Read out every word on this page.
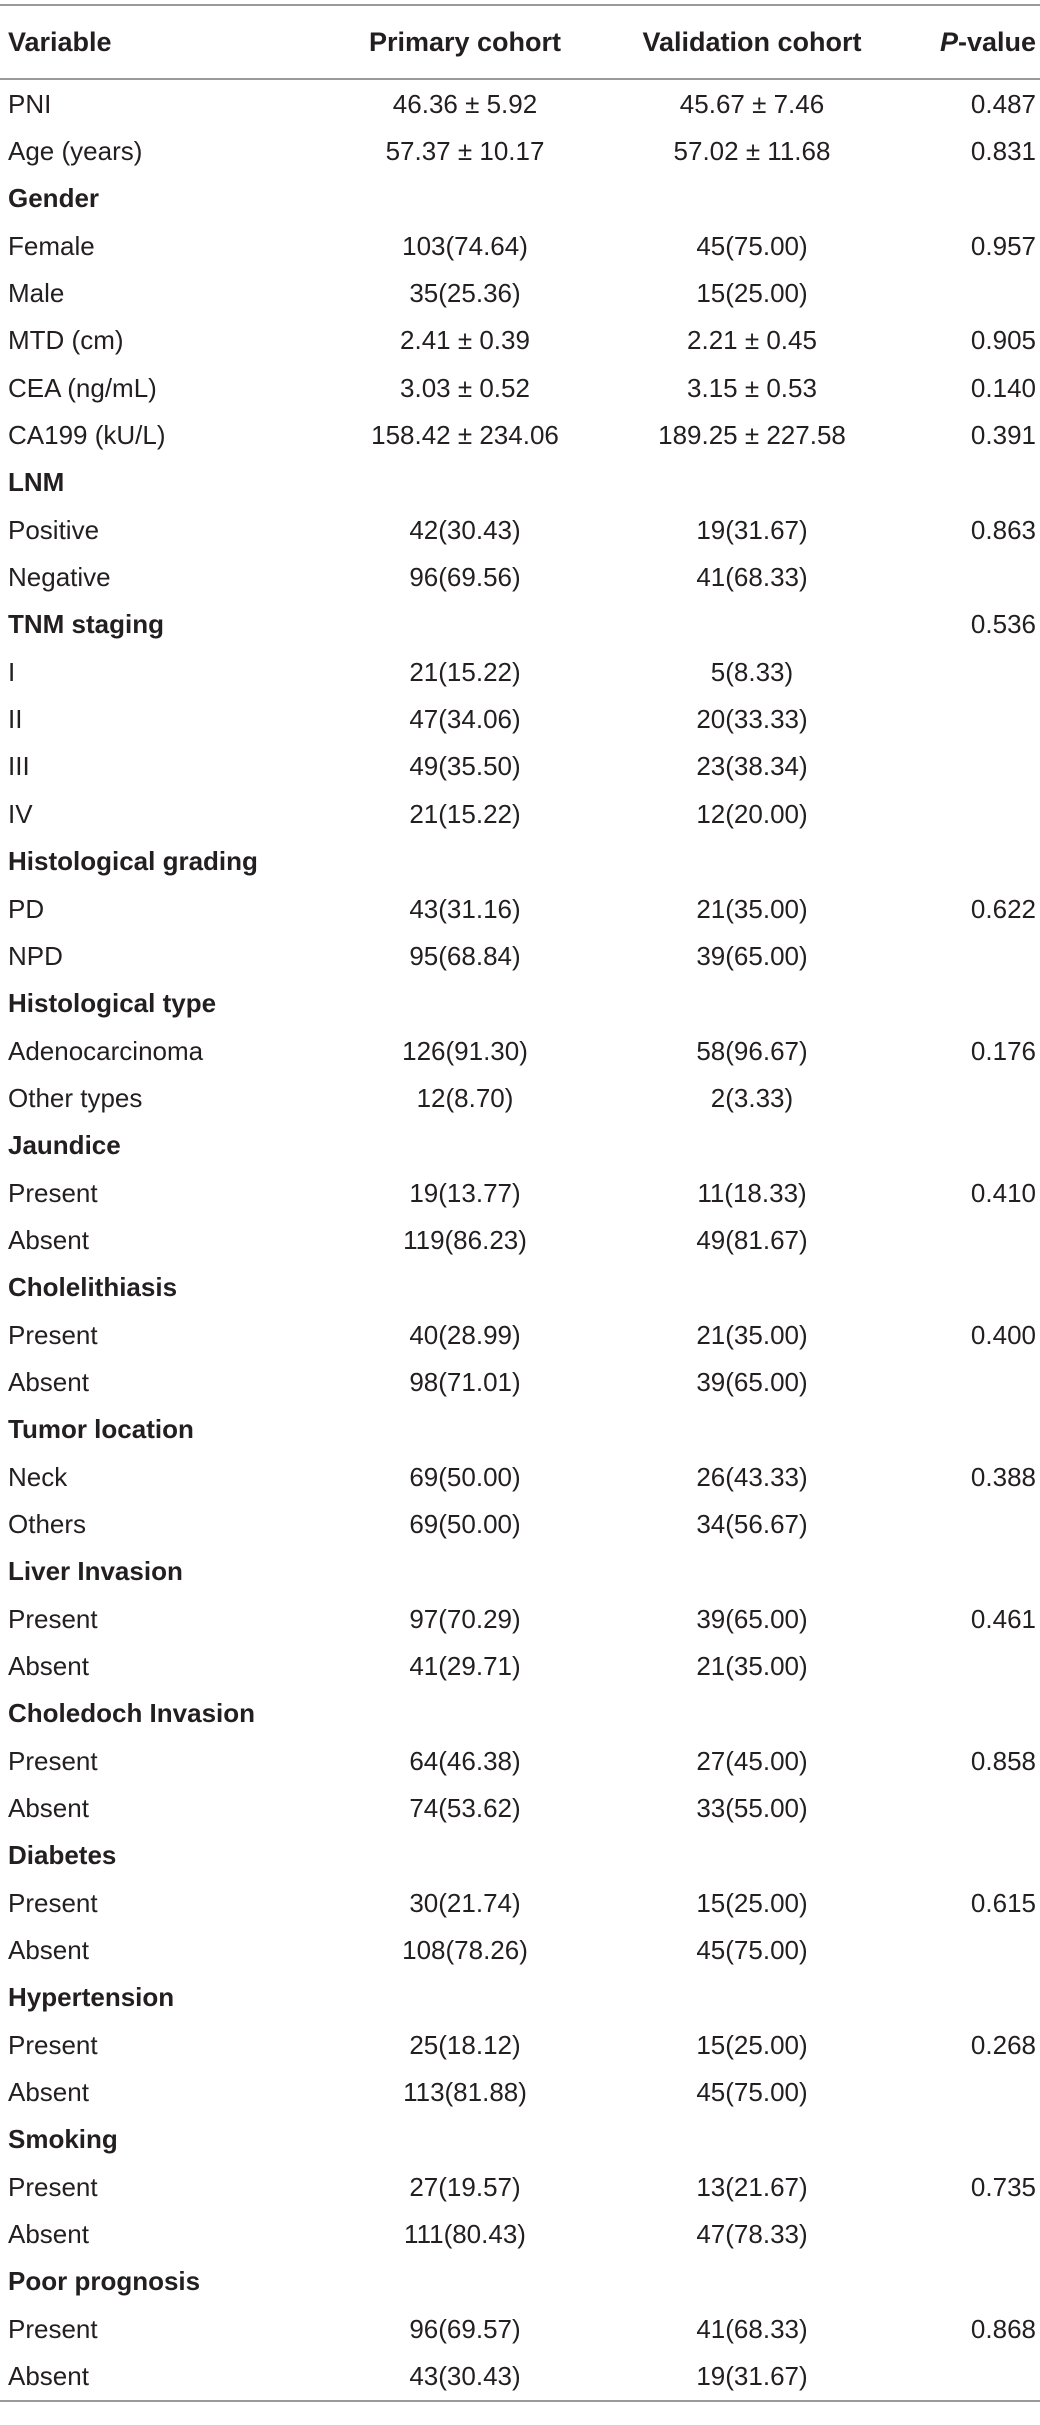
Variable	Primary cohort	Validation cohort	P-value
PNI	46.36 ± 5.92	45.67 ± 7.46	0.487
Age (years)	57.37 ± 10.17	57.02 ± 11.68	0.831
Gender			
Female	103(74.64)	45(75.00)	0.957
Male	35(25.36)	15(25.00)	
MTD (cm)	2.41 ± 0.39	2.21 ± 0.45	0.905
CEA (ng/mL)	3.03 ± 0.52	3.15 ± 0.53	0.140
CA199 (kU/L)	158.42 ± 234.06	189.25 ± 227.58	0.391
LNM			
Positive	42(30.43)	19(31.67)	0.863
Negative	96(69.56)	41(68.33)	
TNM staging			0.536
I	21(15.22)	5(8.33)	
II	47(34.06)	20(33.33)	
III	49(35.50)	23(38.34)	
IV	21(15.22)	12(20.00)	
Histological grading			
PD	43(31.16)	21(35.00)	0.622
NPD	95(68.84)	39(65.00)	
Histological type			
Adenocarcinoma	126(91.30)	58(96.67)	0.176
Other types	12(8.70)	2(3.33)	
Jaundice			
Present	19(13.77)	11(18.33)	0.410
Absent	119(86.23)	49(81.67)	
Cholelithiasis			
Present	40(28.99)	21(35.00)	0.400
Absent	98(71.01)	39(65.00)	
Tumor location			
Neck	69(50.00)	26(43.33)	0.388
Others	69(50.00)	34(56.67)	
Liver Invasion			
Present	97(70.29)	39(65.00)	0.461
Absent	41(29.71)	21(35.00)	
Choledoch Invasion			
Present	64(46.38)	27(45.00)	0.858
Absent	74(53.62)	33(55.00)	
Diabetes			
Present	30(21.74)	15(25.00)	0.615
Absent	108(78.26)	45(75.00)	
Hypertension			
Present	25(18.12)	15(25.00)	0.268
Absent	113(81.88)	45(75.00)	
Smoking			
Present	27(19.57)	13(21.67)	0.735
Absent	111(80.43)	47(78.33)	
Poor prognosis			
Present	96(69.57)	41(68.33)	0.868
Absent	43(30.43)	19(31.67)	
